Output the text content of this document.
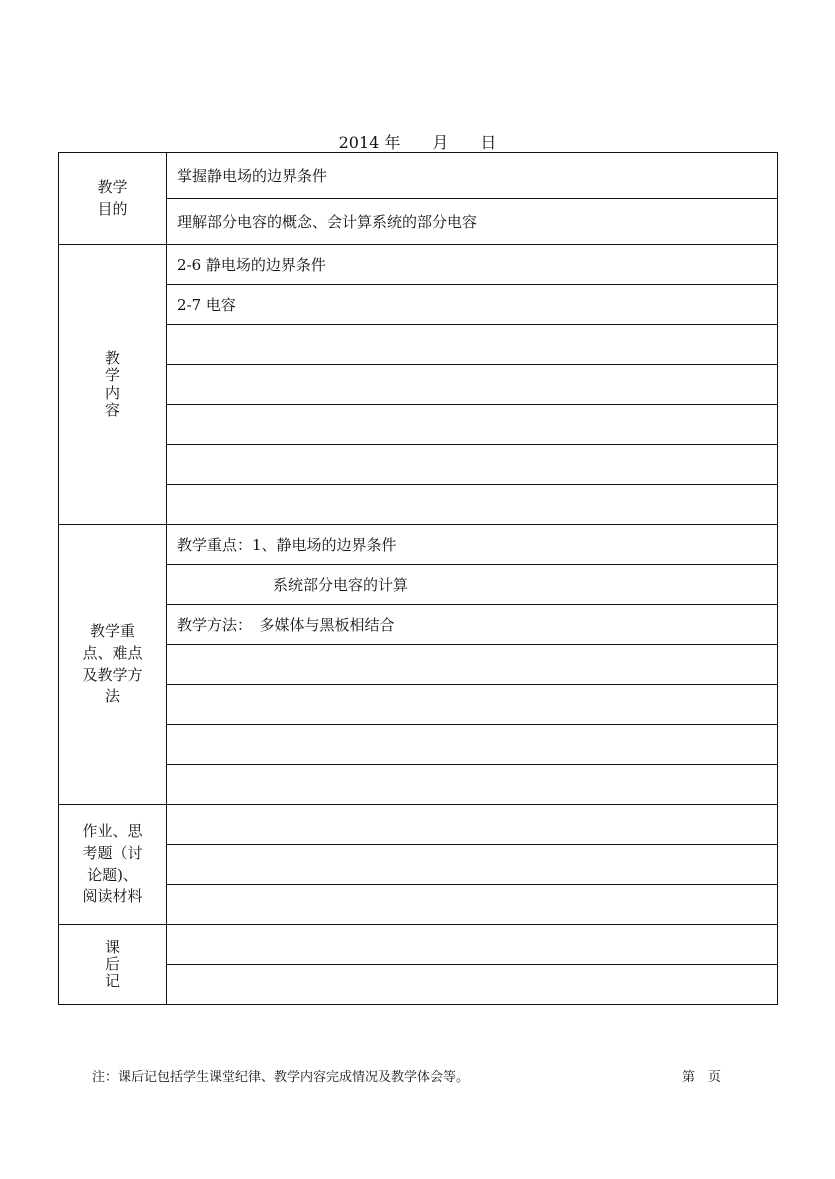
2014 年　　月　　日
教学目的	掌握静电场的边界条件
	理解部分电容的概念、会计算系统的部分电容

教学内容	2-6 静电场的边界条件
	2-7 电容

教学重点、难点及教学方法	教学重点：1、静电场的边界条件
	系统部分电容的计算
	教学方法：　多媒体与黑板相结合

作业、思考题（讨论题)、阅读材料	

课后记	

注：课后记包括学生课堂纪律、教学内容完成情况及教学体会等。	第　页
